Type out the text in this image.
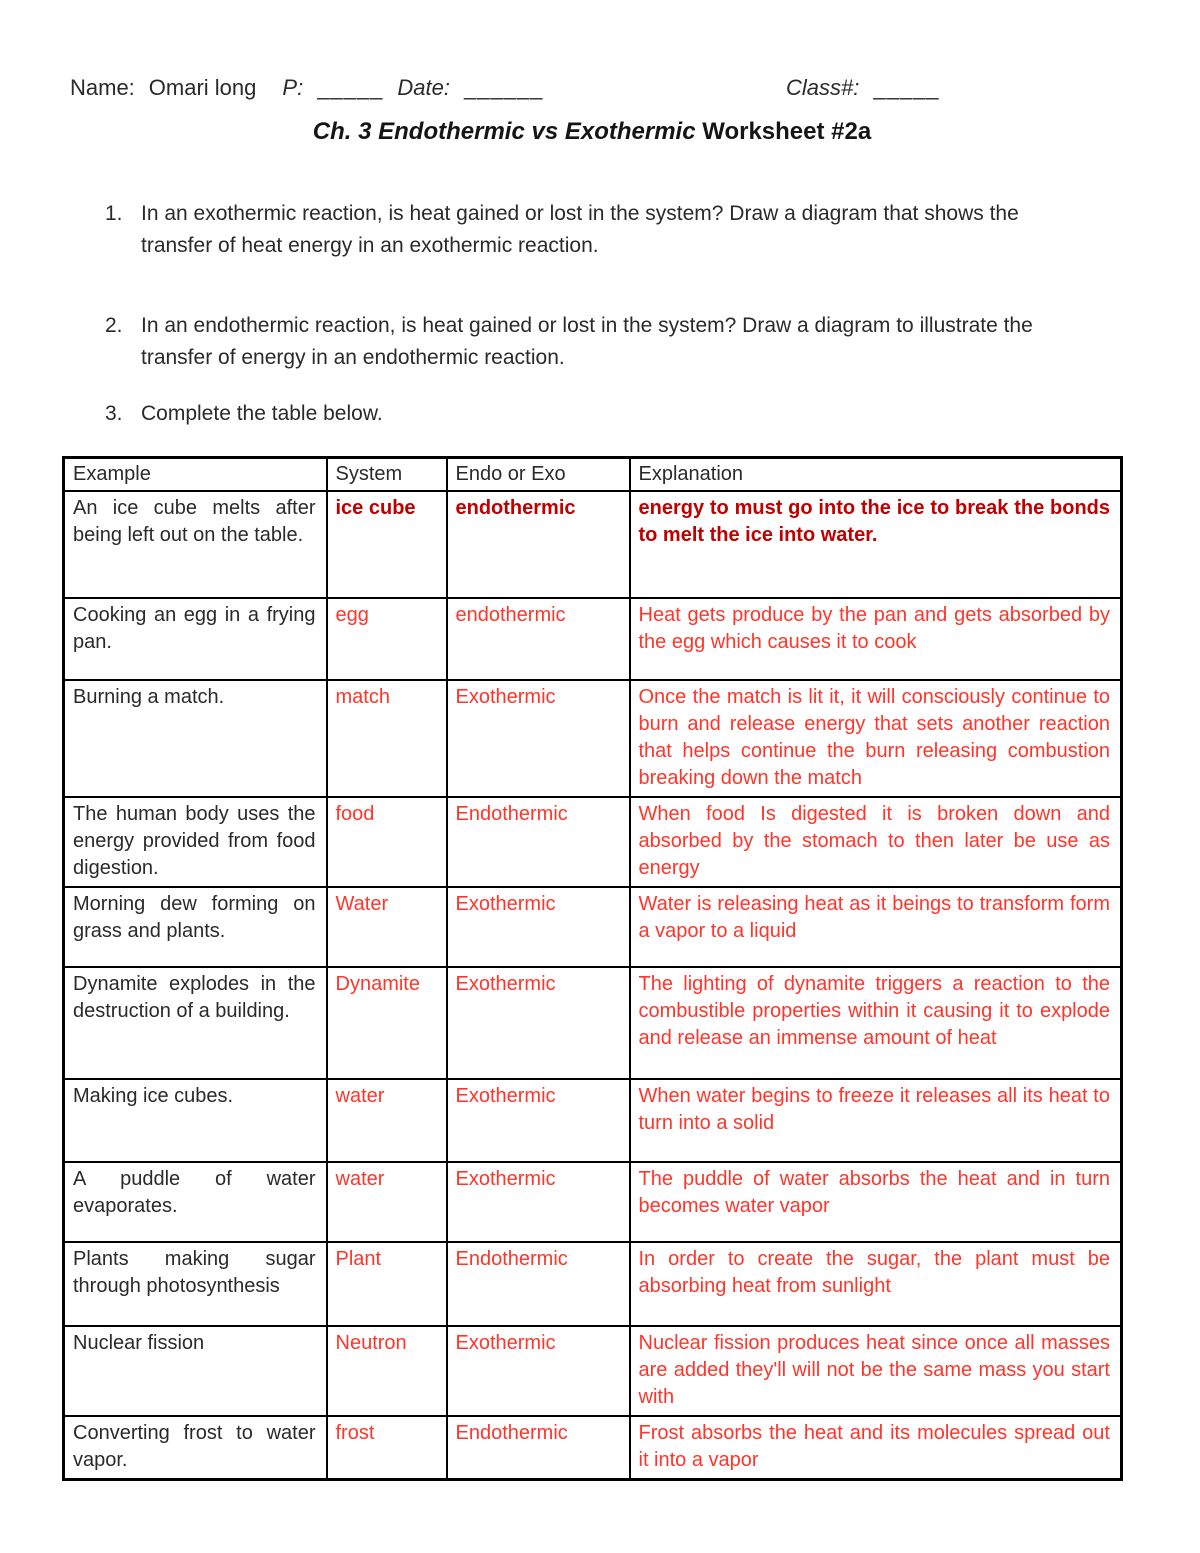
Name: Omari long P: _____ Date: ______	Class#: _____
Ch. 3 Endothermic vs Exothermic Worksheet #2a
1. In an exothermic reaction, is heat gained or lost in the system? Draw a diagram that shows the transfer of heat energy in an exothermic reaction.
2. In an endothermic reaction, is heat gained or lost in the system? Draw a diagram to illustrate the transfer of energy in an endothermic reaction.
3. Complete the table below.
Example	System	Endo or Exo	Explanation
An ice cube melts after being left out on the table.	ice cube	endothermic	energy to must go into the ice to break the bonds to melt the ice into water.
Cooking an egg in a frying pan.	egg	endothermic	Heat gets produce by the pan and gets absorbed by the egg which causes it to cook
Burning a match.	match	Exothermic	Once the match is lit it, it will consciously continue to burn and release energy that sets another reaction that helps continue the burn releasing combustion breaking down the match
The human body uses the energy provided from food digestion.	food	Endothermic	When food Is digested it is broken down and absorbed by the stomach to then later be use as energy
Morning dew forming on grass and plants.	Water	Exothermic	Water is releasing heat as it beings to transform form a vapor to a liquid
Dynamite explodes in the destruction of a building.	Dynamite	Exothermic	The lighting of dynamite triggers a reaction to the combustible properties within it causing it to explode and release an immense amount of heat
Making ice cubes.	water	Exothermic	When water begins to freeze it releases all its heat to turn into a solid
A puddle of water evaporates.	water	Exothermic	The puddle of water absorbs the heat and in turn becomes water vapor
Plants making sugar through photosynthesis	Plant	Endothermic	In order to create the sugar, the plant must be absorbing heat from sunlight
Nuclear fission	Neutron	Exothermic	Nuclear fission produces heat since once all masses are added they'll will not be the same mass you start with
Converting frost to water vapor.	frost	Endothermic	Frost absorbs the heat and its molecules spread out it into a vapor
